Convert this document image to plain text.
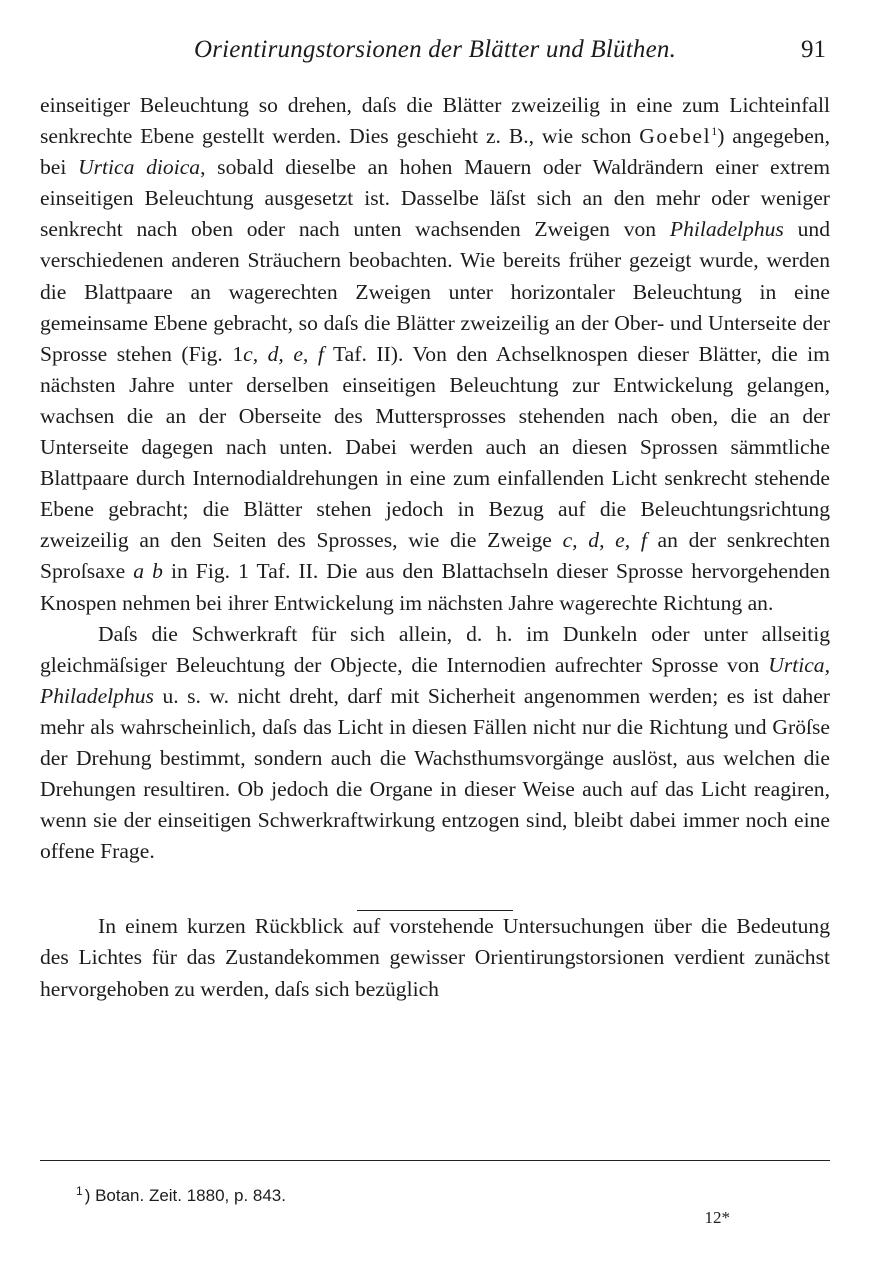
Orientirungstorsionen der Blätter und Blüthen.	91

einseitiger Beleuchtung so drehen, daſs die Blätter zweizeilig in eine zum Lichteinfall senkrechte Ebene gestellt werden. Dies geschieht z. B., wie schon Goebel$^1$) angegeben, bei Urtica dioica, sobald dieselbe an hohen Mauern oder Waldrändern einer extrem einseitigen Beleuchtung ausgesetzt ist. Dasselbe läſst sich an den mehr oder weniger senkrecht nach oben oder nach unten wachsenden Zweigen von Philadelphus und verschiedenen anderen Sträuchern beobachten. Wie bereits früher gezeigt wurde, werden die Blattpaare an wagerechten Zweigen unter horizontaler Beleuchtung in eine gemeinsame Ebene gebracht, so daſs die Blätter zweizeilig an der Ober- und Unterseite der Sprosse stehen (Fig. 1c, d, e, f Taf. II). Von den Achselknospen dieser Blätter, die im nächsten Jahre unter derselben einseitigen Beleuchtung zur Entwickelung gelangen, wachsen die an der Oberseite des Muttersprosses stehenden nach oben, die an der Unterseite dagegen nach unten. Dabei werden auch an diesen Sprossen sämmtliche Blattpaare durch Internodialdrehungen in eine zum einfallenden Licht senkrecht stehende Ebene gebracht; die Blätter stehen jedoch in Bezug auf die Beleuchtungsrichtung zweizeilig an den Seiten des Sprosses, wie die Zweige c, d, e, f an der senkrechten Sproſsaxe a b in Fig. 1 Taf. II. Die aus den Blattachseln dieser Sprosse hervorgehenden Knospen nehmen bei ihrer Entwickelung im nächsten Jahre wagerechte Richtung an.

Daſs die Schwerkraft für sich allein, d. h. im Dunkeln oder unter allseitig gleichmäſsiger Beleuchtung der Objecte, die Internodien aufrechter Sprosse von Urtica, Philadelphus u. s. w. nicht dreht, darf mit Sicherheit angenommen werden; es ist daher mehr als wahrscheinlich, daſs das Licht in diesen Fällen nicht nur die Richtung und Gröſse der Drehung bestimmt, sondern auch die Wachsthumsvorgänge auslöst, aus welchen die Drehungen resultiren. Ob jedoch die Organe in dieser Weise auch auf das Licht reagiren, wenn sie der einseitigen Schwerkraftwirkung entzogen sind, bleibt dabei immer noch eine offene Frage.

In einem kurzen Rückblick auf vorstehende Untersuchungen über die Bedeutung des Lichtes für das Zustandekommen gewisser Orientirungstorsionen verdient zunächst hervorgehoben zu werden, daſs sich bezüglich

$^1$ ) Botan. Zeit. 1880, p. 843.
12*
